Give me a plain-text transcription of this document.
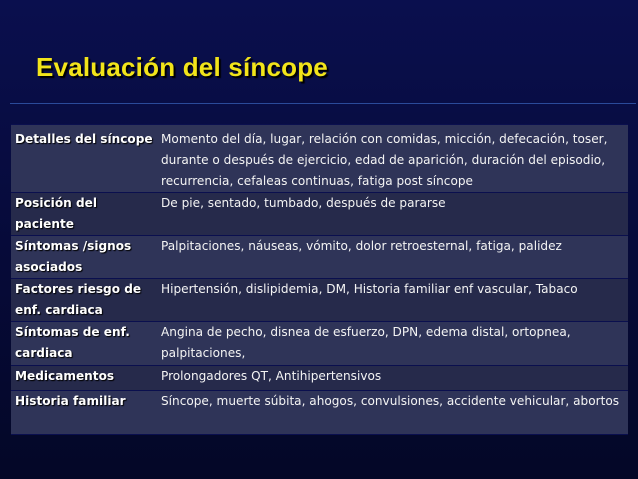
Evaluación del síncope
Detalles del síncope	Momento del día, lugar, relación con comidas, micción, defecación, toser, durante o después de ejercicio, edad de aparición, duración del episodio, recurrencia, cefaleas continuas, fatiga post síncope
Posición del paciente	De pie, sentado, tumbado, después de pararse
Síntomas /signos asociados	Palpitaciones, náuseas, vómito, dolor retroesternal, fatiga, palidez
Factores riesgo de enf. cardiaca	Hipertensión, dislipidemia, DM, Historia familiar enf vascular, Tabaco
Síntomas de enf. cardiaca	Angina de pecho, disnea de esfuerzo, DPN, edema distal, ortopnea, palpitaciones,
Medicamentos	Prolongadores QT, Antihipertensivos
Historia familiar	Síncope, muerte súbita, ahogos, convulsiones, accidente vehicular, abortos
